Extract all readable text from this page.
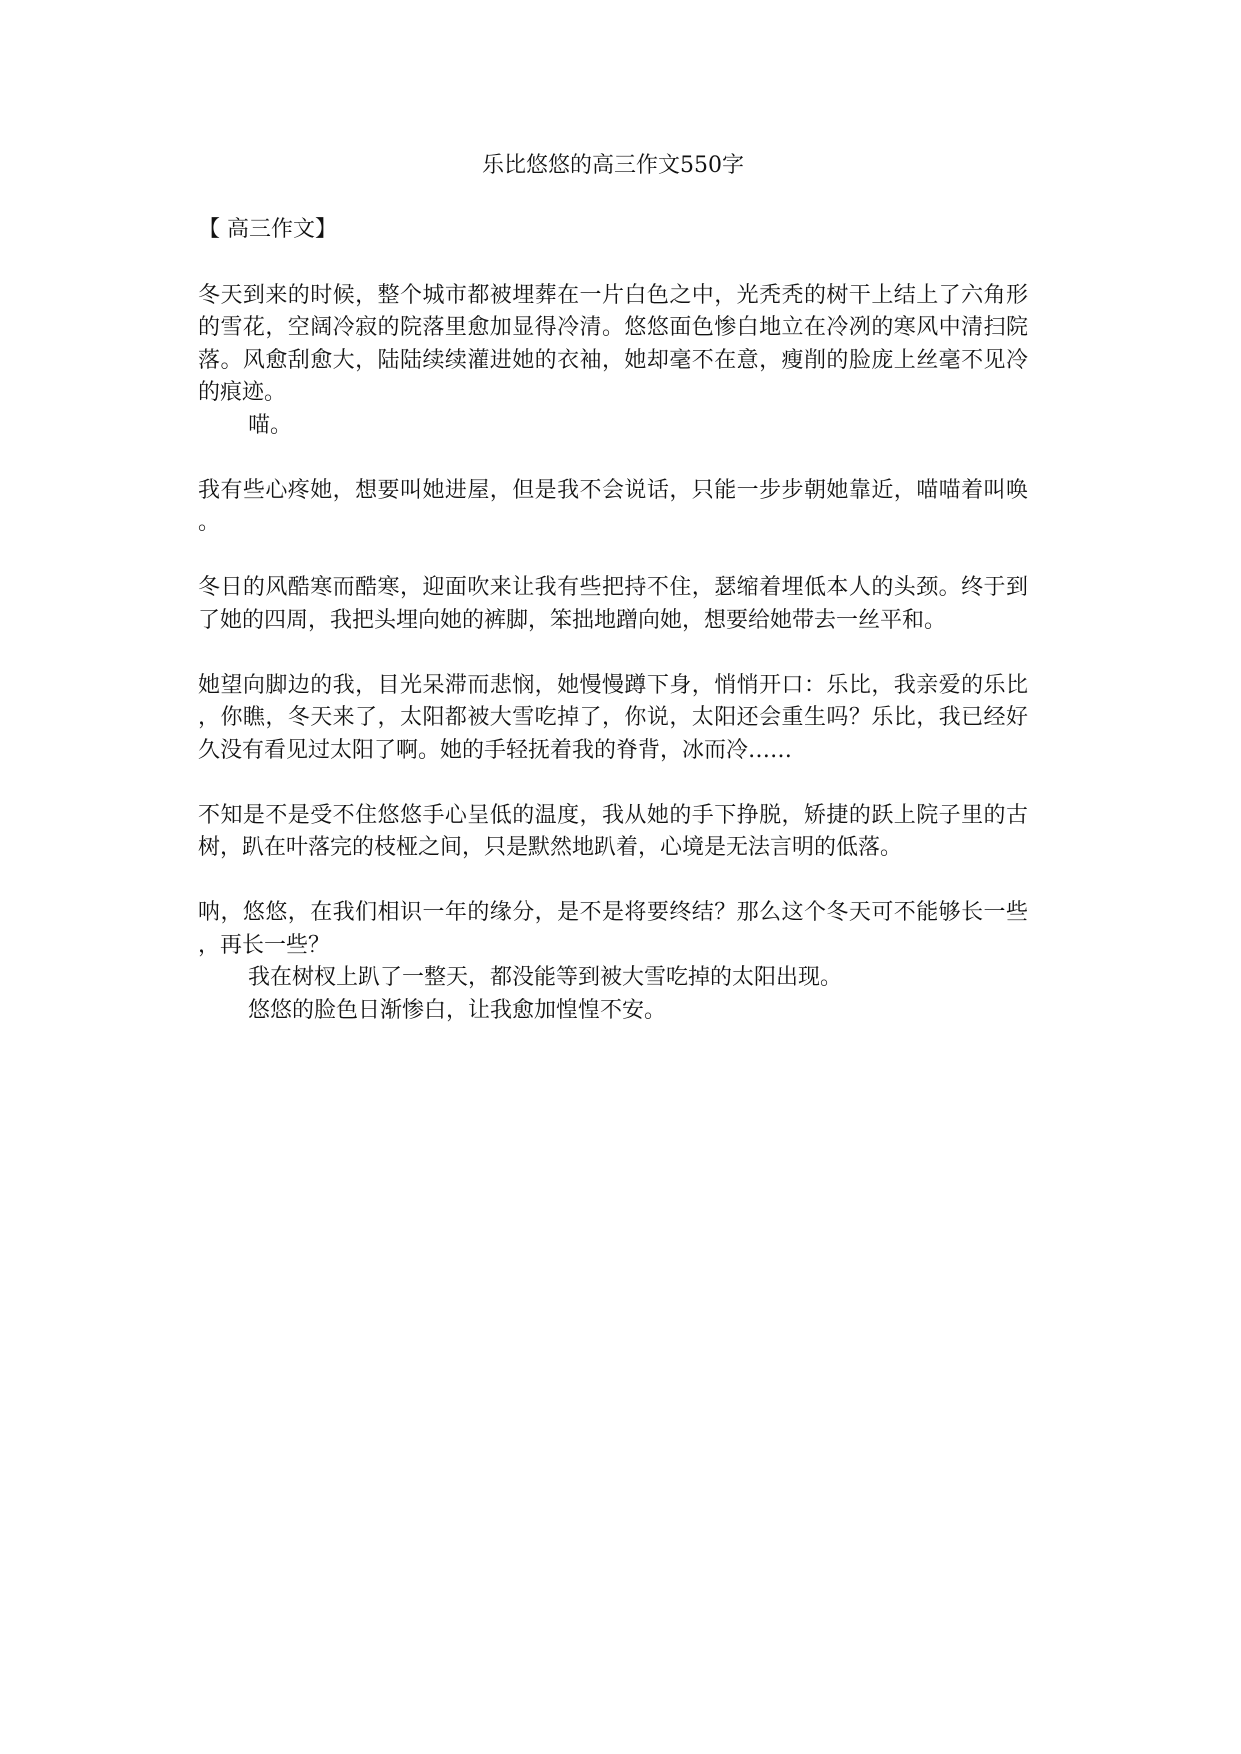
乐比悠悠的高三作文550字

【 高三作文】

冬天到来的时候，整个城市都被埋葬在一片白色之中，光秃秃的树干上结上了六角形的雪花，空阔冷寂的院落里愈加显得冷清。悠悠面色惨白地立在冷冽的寒风中清扫院落。风愈刮愈大，陆陆续续灌进她的衣袖，她却毫不在意，瘦削的脸庞上丝毫不见冷的痕迹。

喵。

我有些心疼她，想要叫她进屋，但是我不会说话，只能一步步朝她靠近，喵喵着叫唤。

冬日的风酷寒而酷寒，迎面吹来让我有些把持不住，瑟缩着埋低本人的头颈。终于到了她的四周，我把头埋向她的裤脚，笨拙地蹭向她，想要给她带去一丝平和。

她望向脚边的我，目光呆滞而悲悯，她慢慢蹲下身，悄悄开口：乐比，我亲爱的乐比，你瞧，冬天来了，太阳都被大雪吃掉了，你说，太阳还会重生吗？乐比，我已经好久没有看见过太阳了啊。她的手轻抚着我的脊背，冰而冷……

不知是不是受不住悠悠手心呈低的温度，我从她的手下挣脱，矫捷的跃上院子里的古树，趴在叶落完的枝桠之间，只是默然地趴着，心境是无法言明的低落。

呐，悠悠，在我们相识一年的缘分，是不是将要终结？那么这个冬天可不能够长一些，再长一些？

我在树杈上趴了一整天，都没能等到被大雪吃掉的太阳出现。

悠悠的脸色日渐惨白，让我愈加惶惶不安。
